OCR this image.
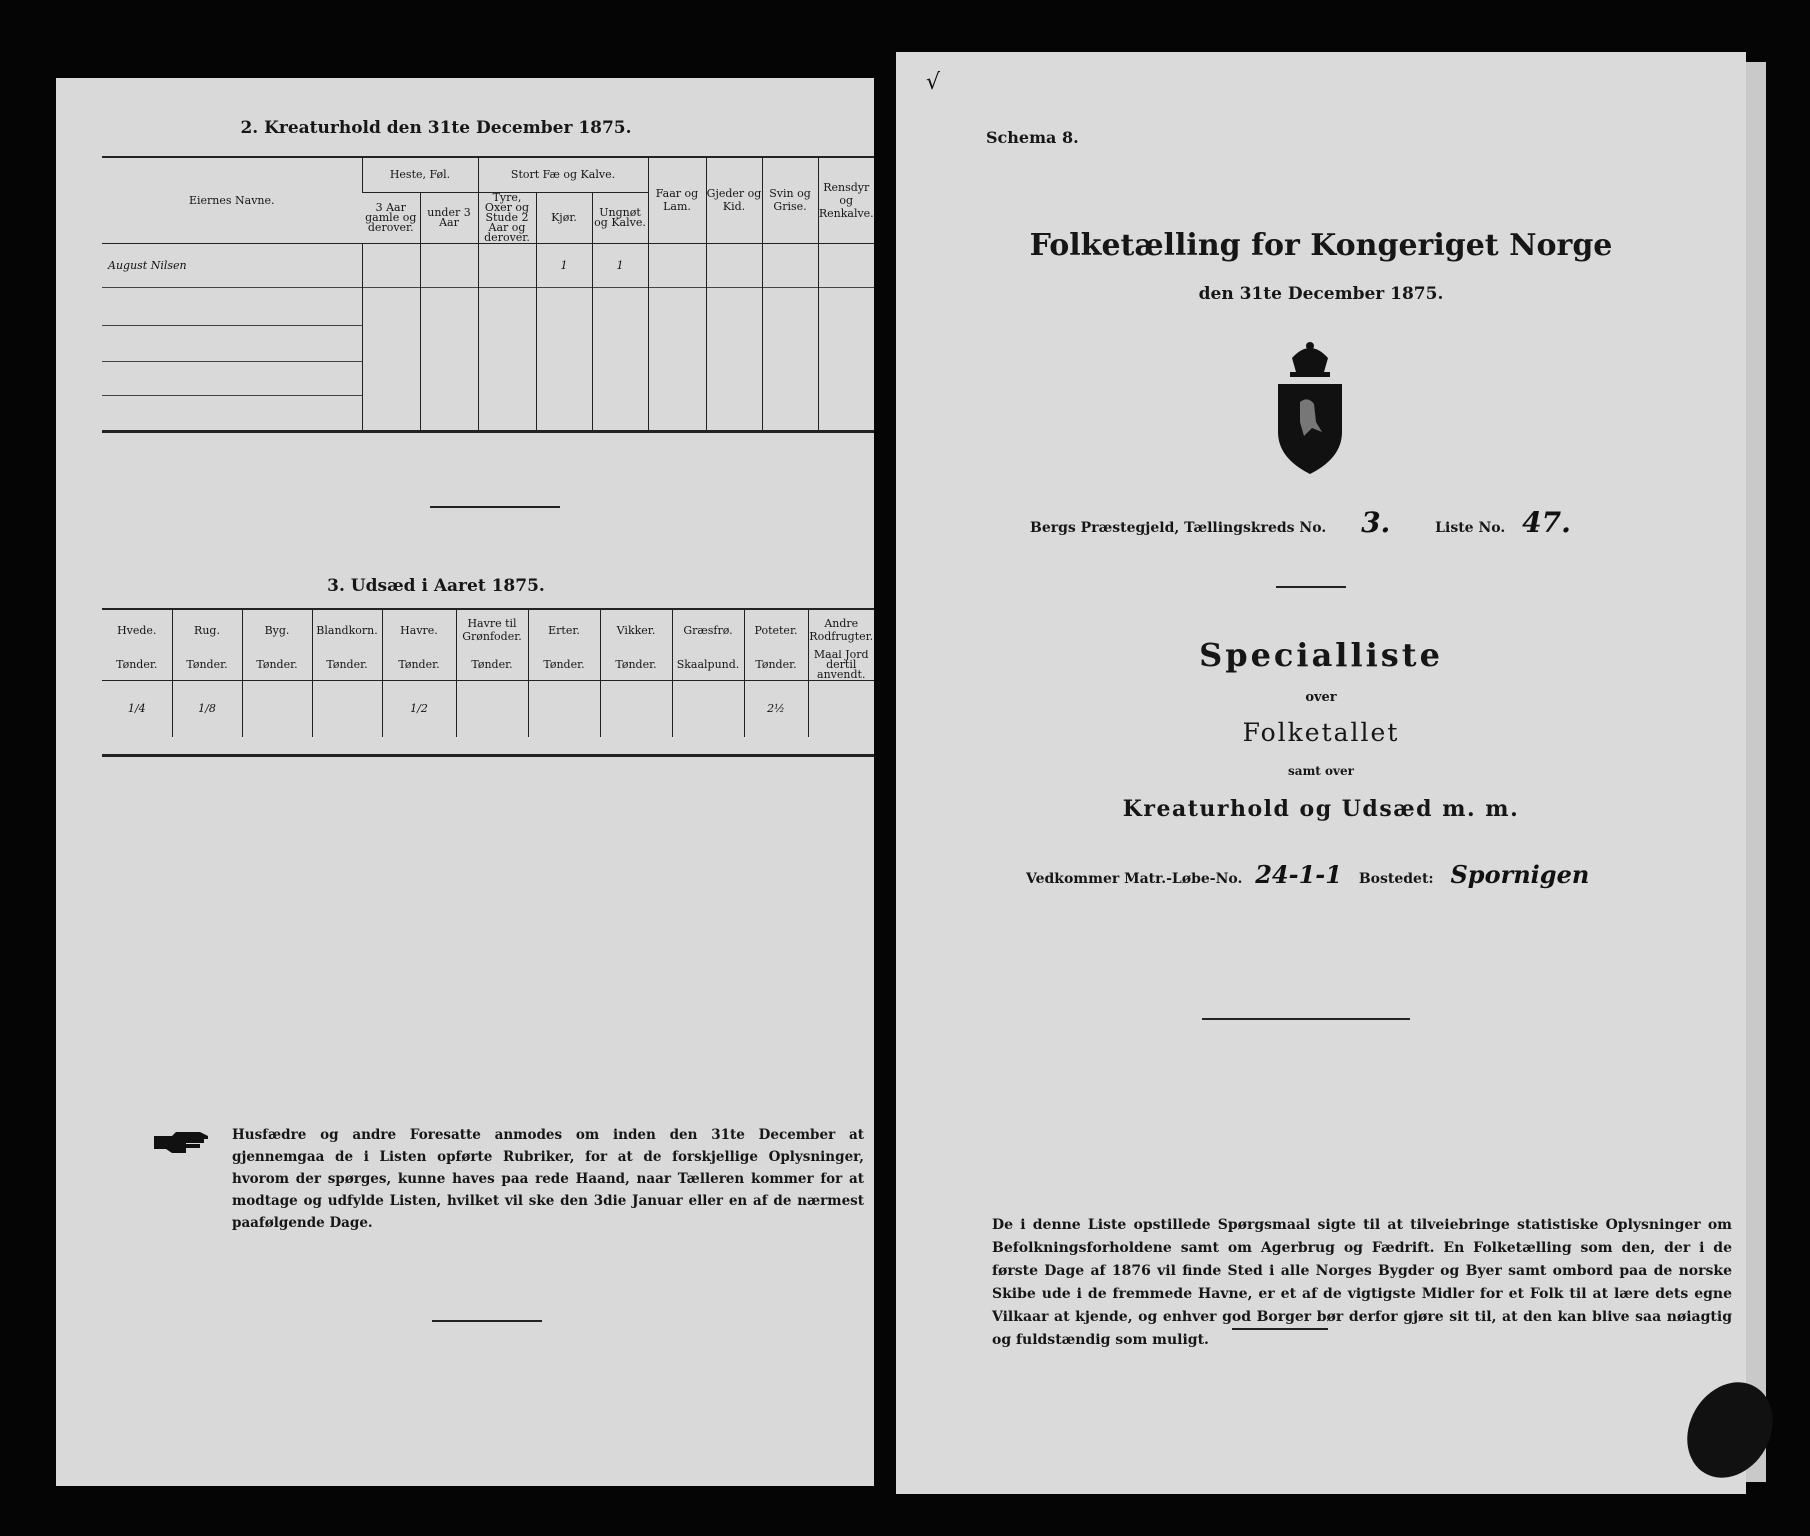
2. Kreaturhold den 31te December 1875.
Eiernes Navne.	Heste, Føl.		Stort Fæ og Kalve.			Faar og Lam.	Gjeder og Kid.	Svin og Grise.	Rensdyr og Renkalve.
	3 Aar gamle og derover.	under 3 Aar	Tyre, Oxer og Stude 2 Aar og derover.	Kjør.	Ungnøt og Kalve.				
August Nilsen				1	1				

3. Udsæd i Aaret 1875.
Hvede.	Rug.	Byg.	Blandkorn.	Havre.	Havre til Grønfoder.	Erter.	Vikker.	Græsfrø.	Poteter.	Andre Rodfrugter.
Tønder.	Tønder.	Tønder.	Tønder.	Tønder.	Tønder.	Tønder.	Tønder.	Skaalpund.	Tønder.	Maal Jord dertil anvendt.
1/4	1/8			1/2					2½	
Husfædre og andre Foresatte anmodes om inden den 31te December at gjennemgaa de i Listen opførte Rubriker, for at de forskjellige Oplysninger, hvorom der spørges, kunne haves paa rede Haand, naar Tælleren kommer for at modtage og udfylde Listen, hvilket vil ske den 3die Januar eller en af de nærmest paafølgende Dage.
√
Schema 8.
Folketælling for Kongeriget Norge
den 31te December 1875.
Bergs Præstegjeld, Tællingskreds No. 3.	Liste No. 47.
Specialliste
over
Folketallet
samt over
Kreaturhold og Udsæd m. m.
Vedkommer Matr.-Løbe-No. 24-1-1 Bostedet: Spornigen
De i denne Liste opstillede Spørgsmaal sigte til at tilveiebringe statistiske Oplysninger om Befolkningsforholdene samt om Agerbrug og Fædrift. En Folketælling som den, der i de første Dage af 1876 vil finde Sted i alle Norges Bygder og Byer samt ombord paa de norske Skibe ude i de fremmede Havne, er et af de vigtigste Midler for et Folk til at lære dets egne Vilkaar at kjende, og enhver god Borger bør derfor gjøre sit til, at den kan blive saa nøiagtig og fuldstændig som muligt.
